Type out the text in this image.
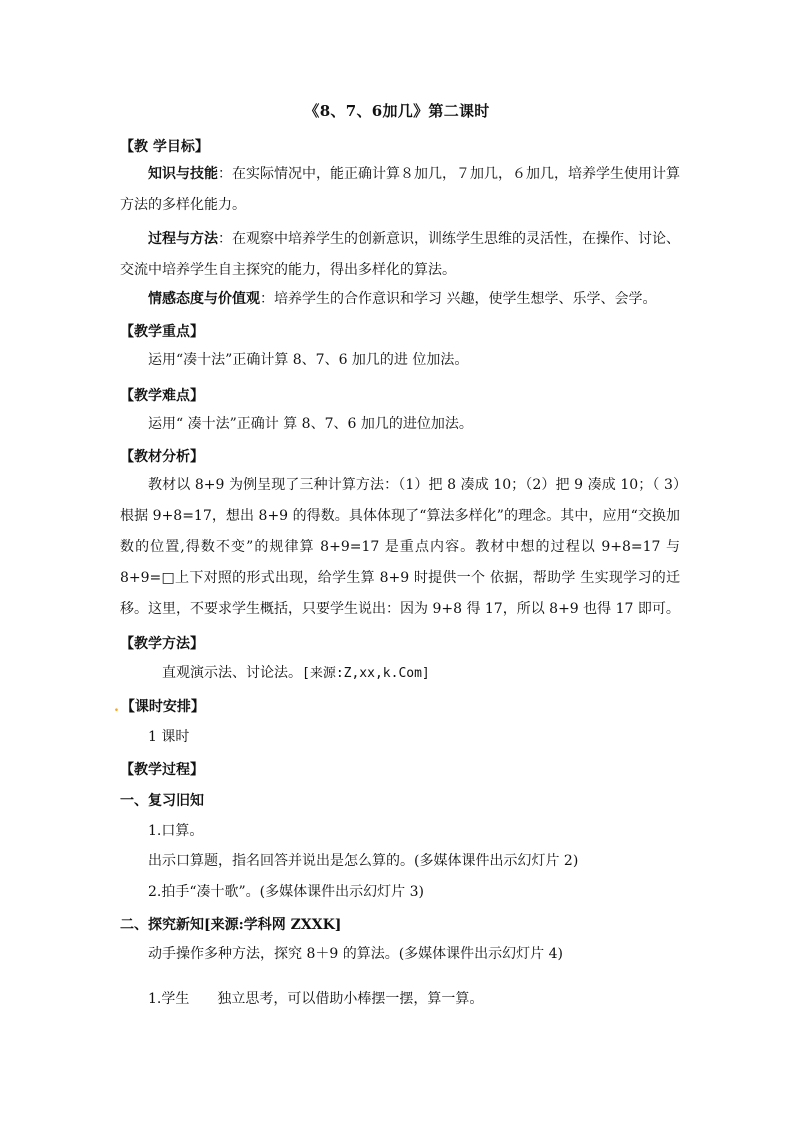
《8、7、6加几》第二课时
【教 学目标】
知识与技能：在实际情况中，能正确计算８加几，７加几，６加几，培养学生使用计算方法的多样化能力。
过程与方法：在观察中培养学生的创新意识，训练学生思维的灵活性，在操作、讨论、交流中培养学生自主探究的能力，得出多样化的算法。
情感态度与价值观：培养学生的合作意识和学习 兴趣，使学生想学、乐学、会学。
【教学重点】
运用“凑十法”正确计算 8、7、6 加几的进 位加法。
【教学难点】
运用“ 凑十法”正确计 算 8、7、6 加几的进位加法。
【教材分析】
教材以 8+9 为例呈现了三种计算方法：（1）把 8 凑成 10；（2）把 9 凑成 10；（ 3）根据 9+8=17，想出 8+9 的得数。具体体现了“算法多样化”的理念。其中，应用“交换加数的位置,得数不变”的规律算 8+9=17 是重点内容。教材中想的过程以 9+8=17 与 8+9=□上下对照的形式出现，给学生算 8+9 时提供一个 依据，帮助学 生实现学习的迁移。这里，不要求学生概括，只要学生说出：因为 9+8 得 17，所以 8+9 也得 17 即可。
【教学方法】
直观演示法、讨论法。[来源:Z,xx,k.Com]
. 【课时安排】
1 课时
【教学过程】
一、复习旧知
1.口算。
出示口算题，指名回答并说出是怎么算的。(多媒体课件出示幻灯片 2)
2.拍手“凑十歌”。(多媒体课件出示幻灯片 3)
二、探究新知[来源:学科网 ZXXK]
动手操作多种方法，探究 8＋9 的算法。(多媒体课件出示幻灯片 4)
1.学生　　独立思考，可以借助小棒摆一摆，算一算。
